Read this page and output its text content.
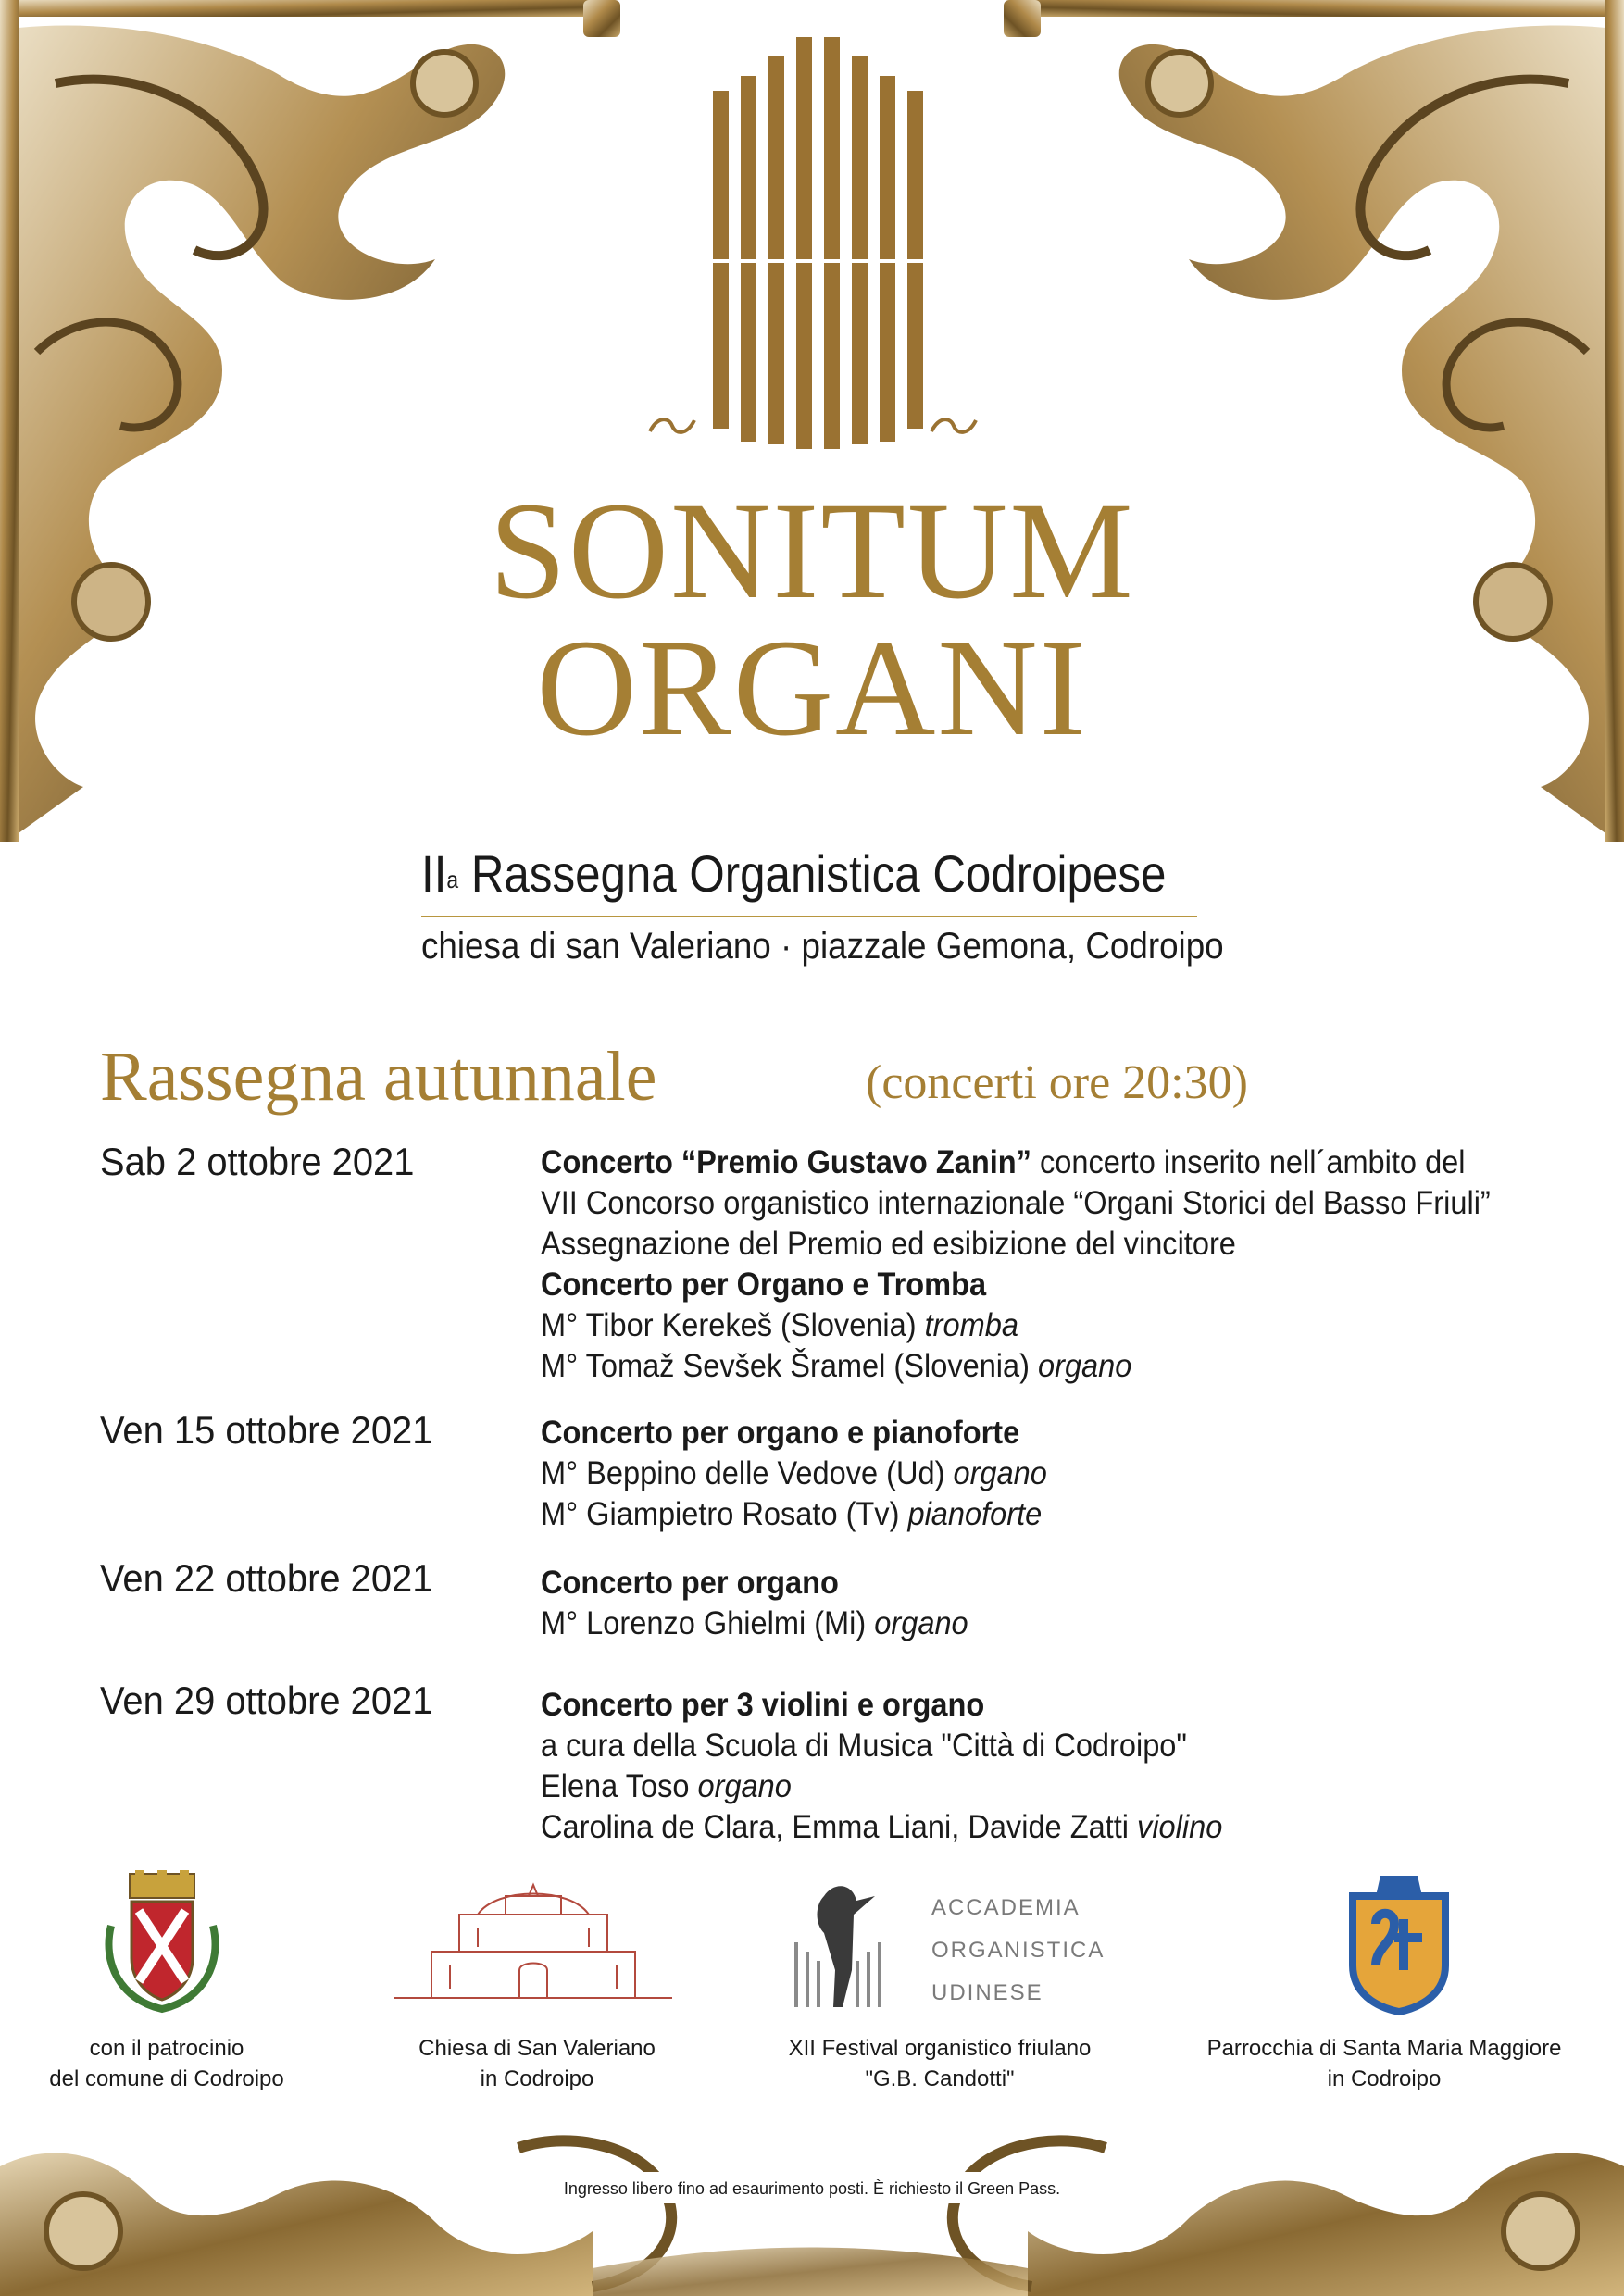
SONITUM
ORGANI
$II^a$ Rassegna Organistica Codroipese
chiesa di san Valeriano · piazzale Gemona, Codroipo
Rassegna autunnale	(concerti ore 20:30)
Sab 2 ottobre 2021	Concerto “Premio Gustavo Zanin” concerto inserito nell´ambito del
VII Concorso organistico internazionale “Organi Storici del Basso Friuli”
Assegnazione del Premio ed esibizione del vincitore
Concerto per Organo e Tromba
M° Tibor Kerekeš (Slovenia) tromba
M° Tomaž Sevšek Šramel (Slovenia) organo
Ven 15 ottobre 2021	Concerto per organo e pianoforte
M° Beppino delle Vedove (Ud) organo
M° Giampietro Rosato (Tv) pianoforte
Ven 22 ottobre 2021	Concerto per organo
M° Lorenzo Ghielmi (Mi) organo
Ven 29 ottobre 2021	Concerto per 3 violini e organo
a cura della Scuola di Musica "Città di Codroipo"
Elena Toso organo
Carolina de Clara, Emma Liani, Davide Zatti violino
ACCADEMIA
ORGANISTICA
UDINESE
con il patrocinio
del comune di Codroipo
Chiesa di San Valeriano
in Codroipo
XII Festival organistico friulano
"G.B. Candotti"
Parrocchia di Santa Maria Maggiore
in Codroipo
Ingresso libero fino ad esaurimento posti. È richiesto il Green Pass.
